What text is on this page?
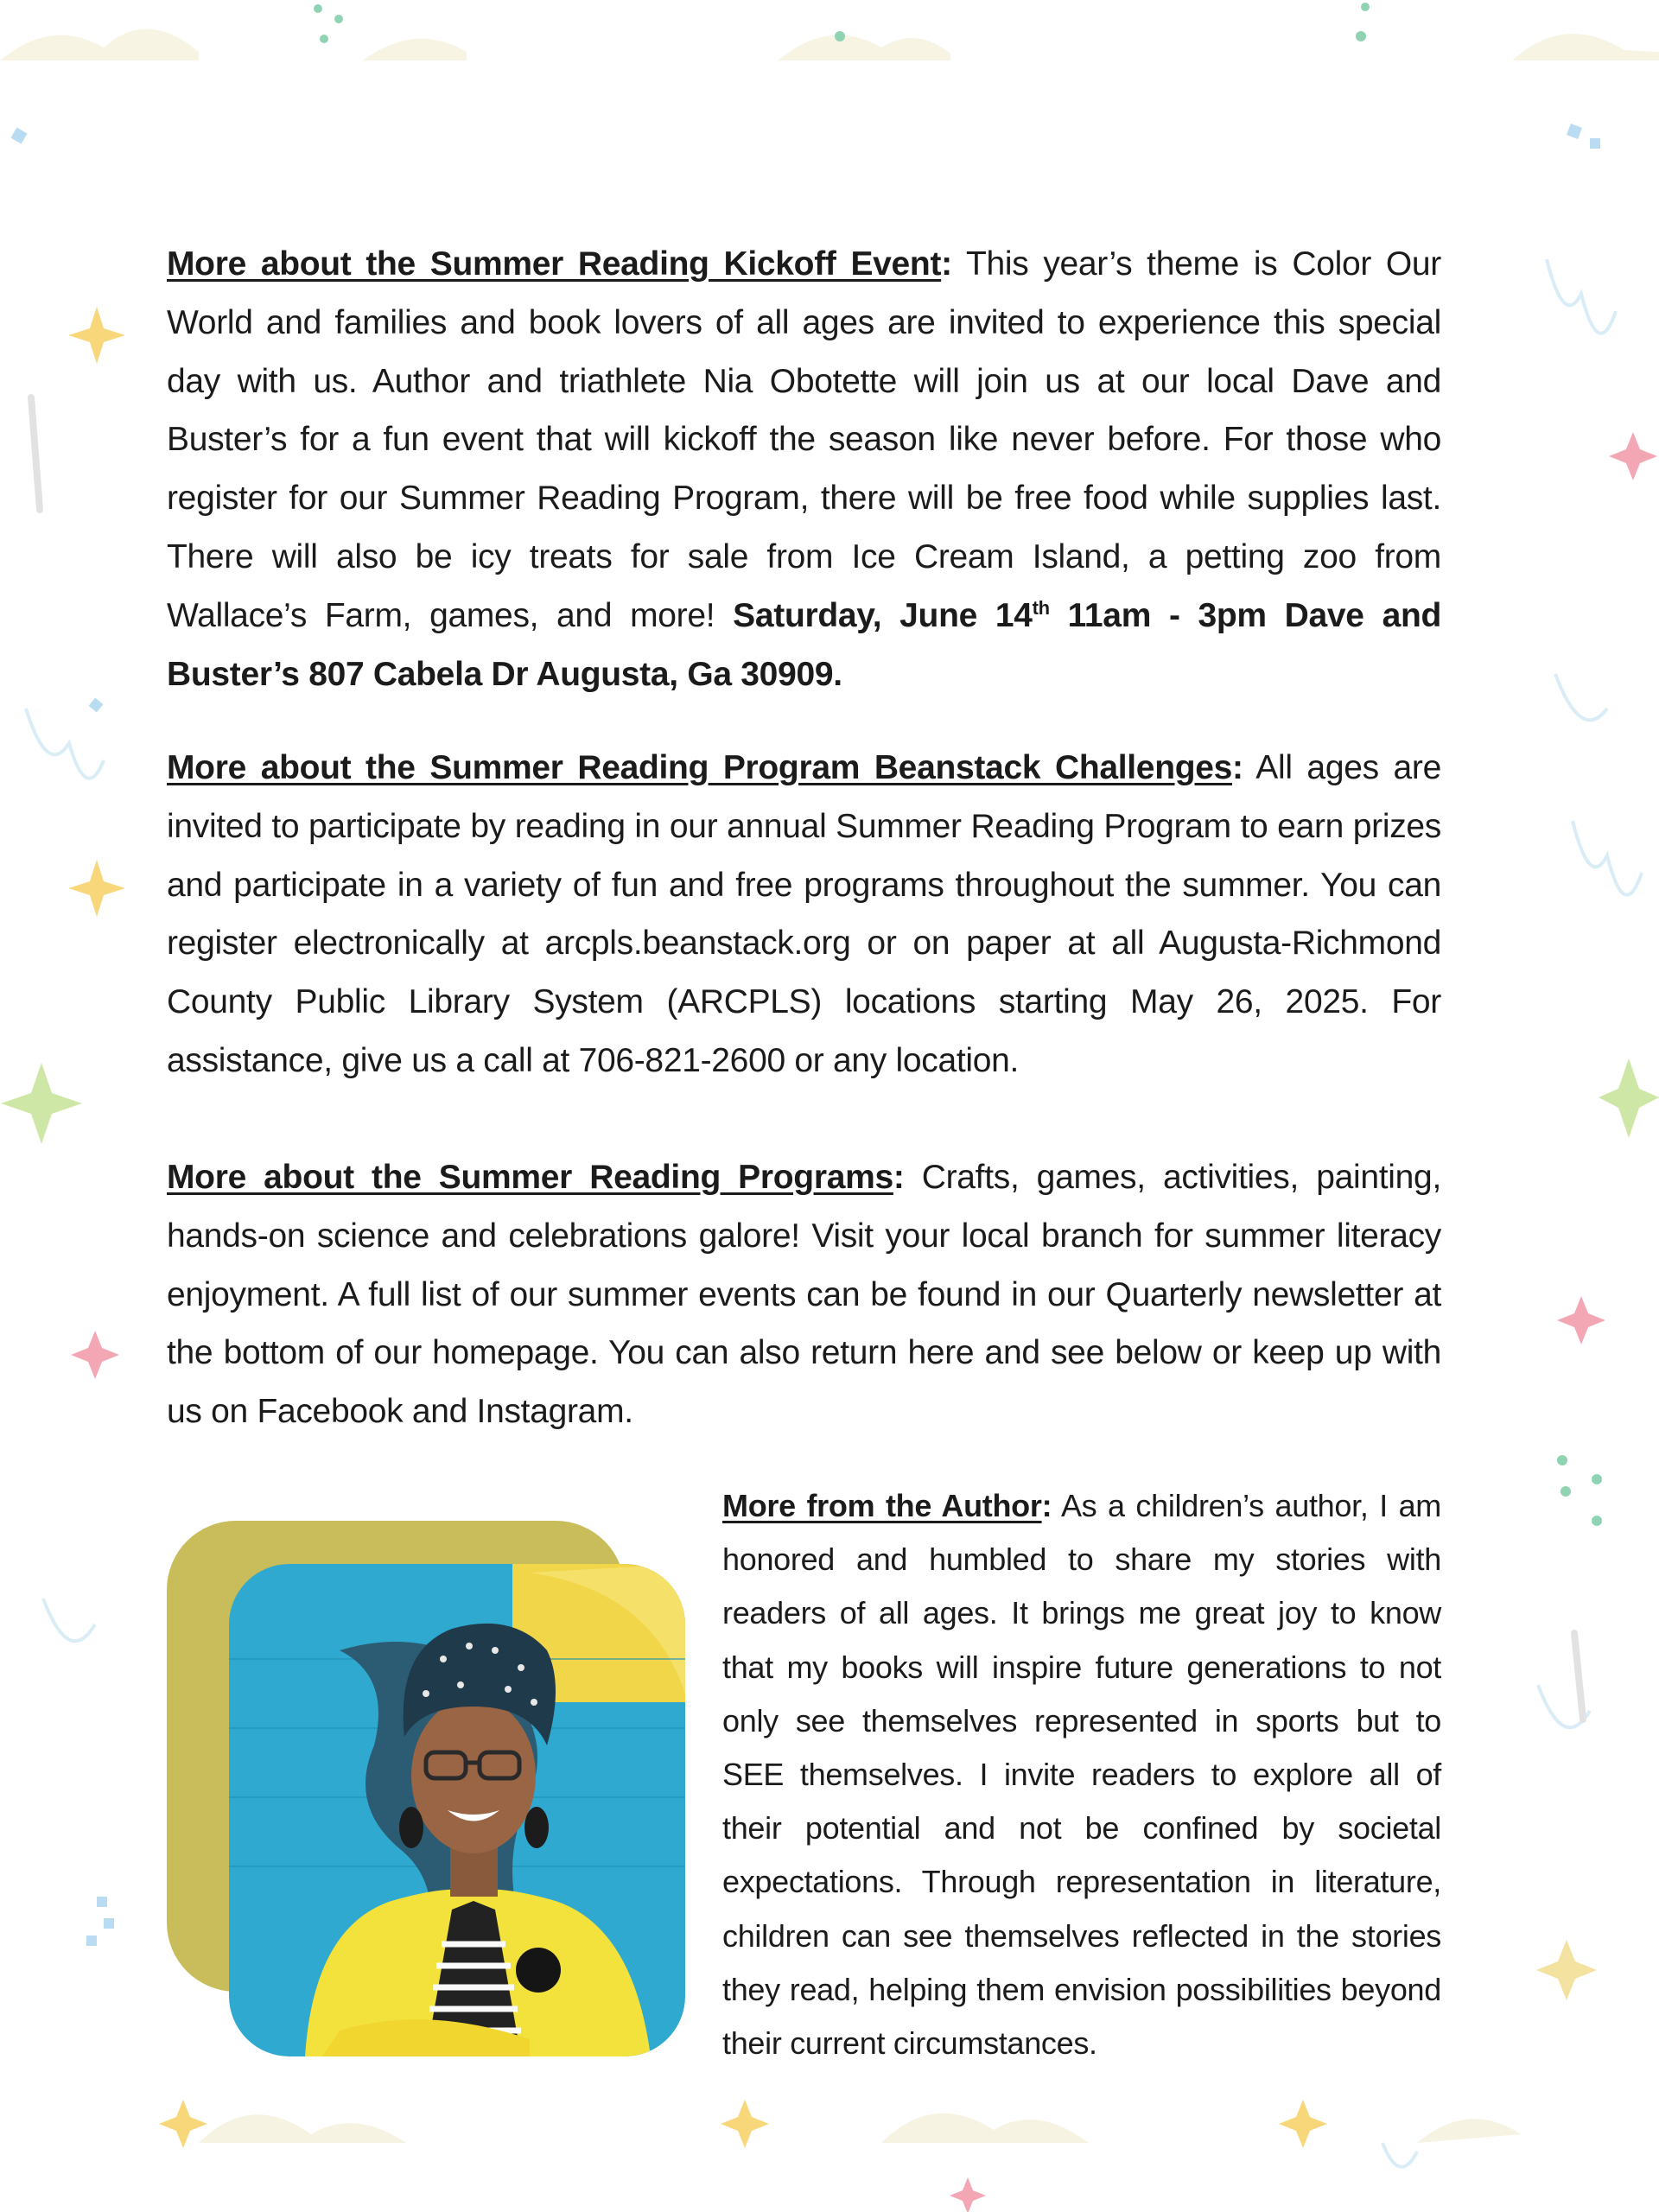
More about the Summer Reading Kickoff Event: This year’s theme is Color Our World and families and book lovers of all ages are invited to experience this special day with us. Author and triathlete Nia Obotette will join us at our local Dave and Buster’s for a fun event that will kickoff the season like never before. For those who register for our Summer Reading Program, there will be free food while supplies last. There will also be icy treats for sale from Ice Cream Island, a petting zoo from Wallace’s Farm, games, and more! Saturday, June 14th 11am - 3pm Dave and Buster’s 807 Cabela Dr Augusta, Ga 30909.

More about the Summer Reading Program Beanstack Challenges: All ages are invited to participate by reading in our annual Summer Reading Program to earn prizes and participate in a variety of fun and free programs throughout the summer. You can register electronically at arcpls.beanstack.org or on paper at all Augusta-Richmond County Public Library System (ARCPLS) locations starting May 26, 2025. For assistance, give us a call at 706-821-2600 or any location.

More about the Summer Reading Programs: Crafts, games, activities, painting, hands-on science and celebrations galore! Visit your local branch for summer literacy enjoyment. A full list of our summer events can be found in our Quarterly newsletter at the bottom of our homepage. You can also return here and see below or keep up with us on Facebook and Instagram.

More from the Author: As a children’s author, I am honored and humbled to share my stories with readers of all ages. It brings me great joy to know that my books will inspire future generations to not only see themselves represented in sports but to SEE themselves. I invite readers to explore all of their potential and not be confined by societal expectations. Through representation in literature, children can see themselves reflected in the stories they read, helping them envision possibilities beyond their current circumstances.
